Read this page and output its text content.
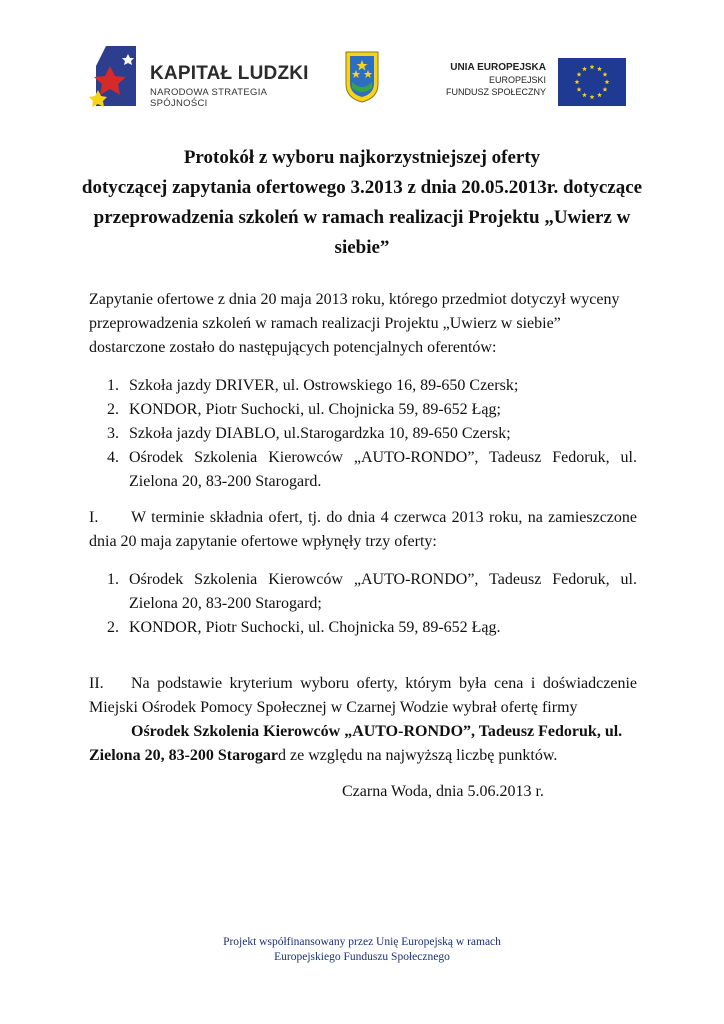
KAPITAŁ LUDZKI
NARODOWA STRATEGIA SPÓJNOŚCI
UNIA EUROPEJSKA
EUROPEJSKI
FUNDUSZ SPOŁECZNY
Protokół z wyboru najkorzystniejszej oferty
dotyczącej zapytania ofertowego 3.2013 z dnia 20.05.2013r. dotyczące
przeprowadzenia szkoleń w ramach realizacji Projektu „Uwierz w
siebie”

Zapytanie ofertowe z dnia 20 maja 2013 roku, którego przedmiot dotyczył wyceny
przeprowadzenia szkoleń w ramach realizacji Projektu „Uwierz w siebie”
dostarczone zostało do następujących potencjalnych oferentów:

1. Szkoła jazdy DRIVER, ul. Ostrowskiego 16, 89-650 Czersk;
2. KONDOR, Piotr Suchocki, ul. Chojnicka 59, 89-652 Łąg;
3. Szkoła jazdy DIABLO, ul.Starogardzka 10, 89-650 Czersk;
4. Ośrodek Szkolenia Kierowców „AUTO-RONDO”, Tadeusz Fedoruk, ul. Zielona 20, 83-200 Starogard.

I. W terminie składnia ofert, tj. do dnia 4 czerwca 2013 roku, na zamieszczone dnia 20 maja zapytanie ofertowe wpłynęły trzy oferty:

1. Ośrodek Szkolenia Kierowców „AUTO-RONDO”, Tadeusz Fedoruk, ul. Zielona 20, 83-200 Starogard;
2. KONDOR, Piotr Suchocki, ul. Chojnicka 59, 89-652 Łąg.

II. Na podstawie kryterium wyboru oferty, którym była cena i doświadczenie Miejski Ośrodek Pomocy Społecznej w Czarnej Wodzie wybrał ofertę firmy

Ośrodek Szkolenia Kierowców „AUTO-RONDO”, Tadeusz Fedoruk, ul.

Zielona 20, 83-200 Starogard ze względu na najwyższą liczbę punktów.

Czarna Woda, dnia 5.06.2013 r.

Projekt współfinansowany przez Unię Europejską w ramach
Europejskiego Funduszu Społecznego
